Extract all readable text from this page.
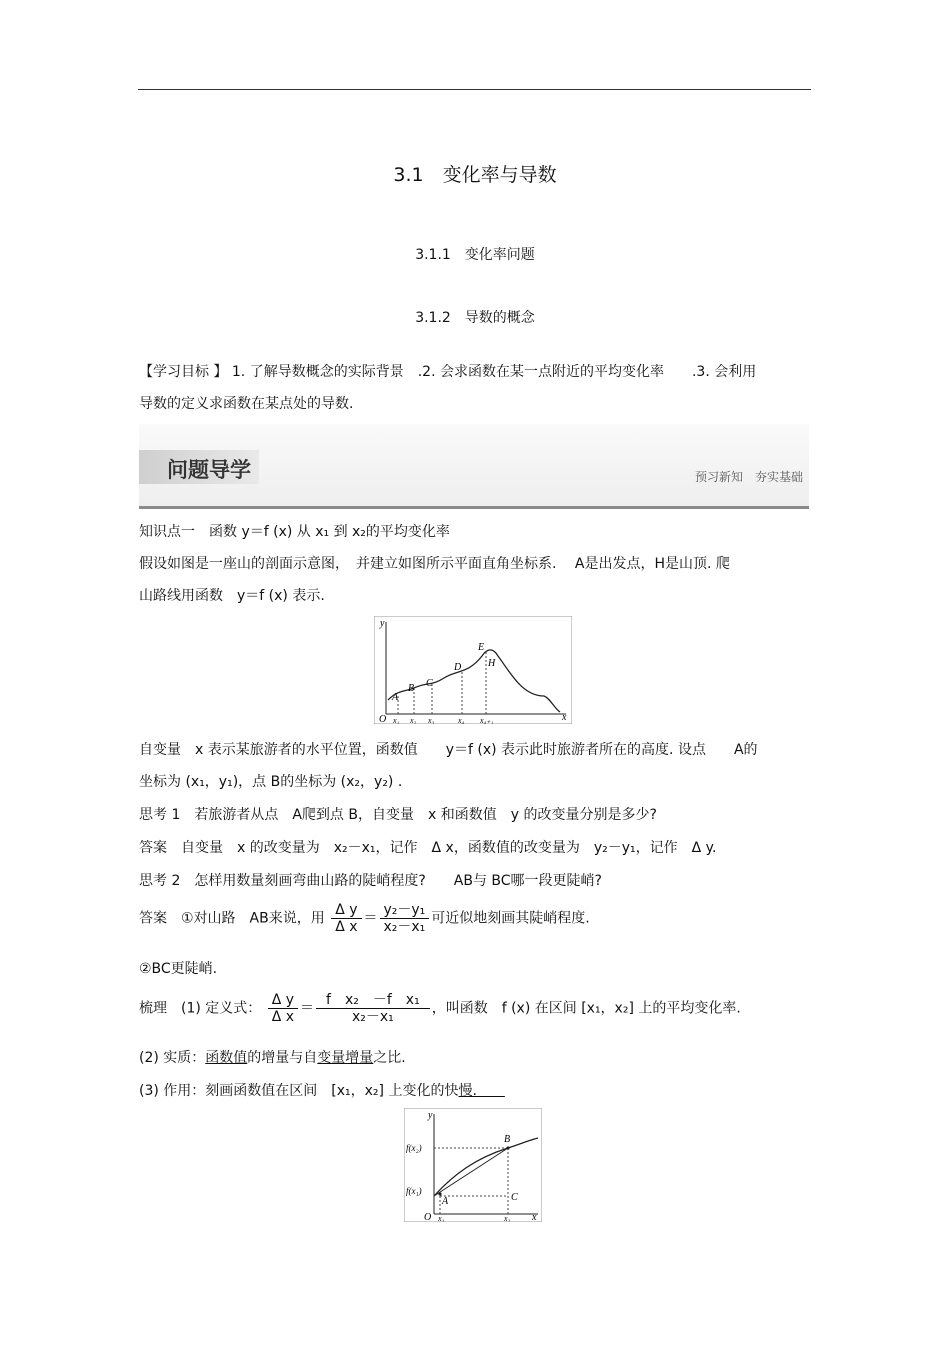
3.1　变化率与导数
3.1.1　变化率问题
3.1.2　导数的概念
【学习目标 】 1. 了解导数概念的实际背景　.2. 会求函数在某一点附近的平均变化率　　.3. 会利用
导数的定义求函数在某点处的导数.
问题导学	预习新知　夯实基础
知识点一　函数 y＝f (x) 从 x₁ 到 x₂的平均变化率
假设如图是一座山的剖面示意图，　并建立如图所示平面直角坐标系.　 A是出发点，H是山顶. 爬
山路线用函数　y＝f (x) 表示.
O	x
y
A
B C
D
E
H
x₁ x₂ x₃	x₄ x₄₊₁
自变量　x 表示某旅游者的水平位置，函数值　　y＝f (x) 表示此时旅游者所在的高度. 设点　　A的
坐标为 (x₁，y₁)，点 B的坐标为 (x₂，y₂) .
思考 1　若旅游者从点　A爬到点 B，自变量　x 和函数值　y 的改变量分别是多少?
答案　自变量　x 的改变量为　x₂－x₁，记作　Δ x，函数值的改变量为　y₂－y₁，记作　Δ y.
思考 2　怎样用数量刻画弯曲山路的陡峭程度?　　AB与 BC哪一段更陡峭?
答案　①对山路　AB来说，用 $\frac{\text{Δ y}}{\text{Δ x}} = \frac{\text{y₂－y₁}}{\text{x₂－x₁}}$ 可近似地刻画其陡峭程度.
②BC更陡峭.
梳理　(1) 定义式： $\frac{\text{Δ y}}{\text{Δ x}} = \frac{\text{f　x₂　－f　x₁}}{\text{x₂－x₁}}$ ，叫函数　f (x) 在区间 [x₁，x₂] 上的平均变化率.
(2) 实质：函数值的增量与自变量增量之比.
(3) 作用：刻画函数值在区间　[x₁，x₂] 上变化的快慢.　　
f(x₂)
f(x₁)
A
B
C
O x₁	x₂ x
y
